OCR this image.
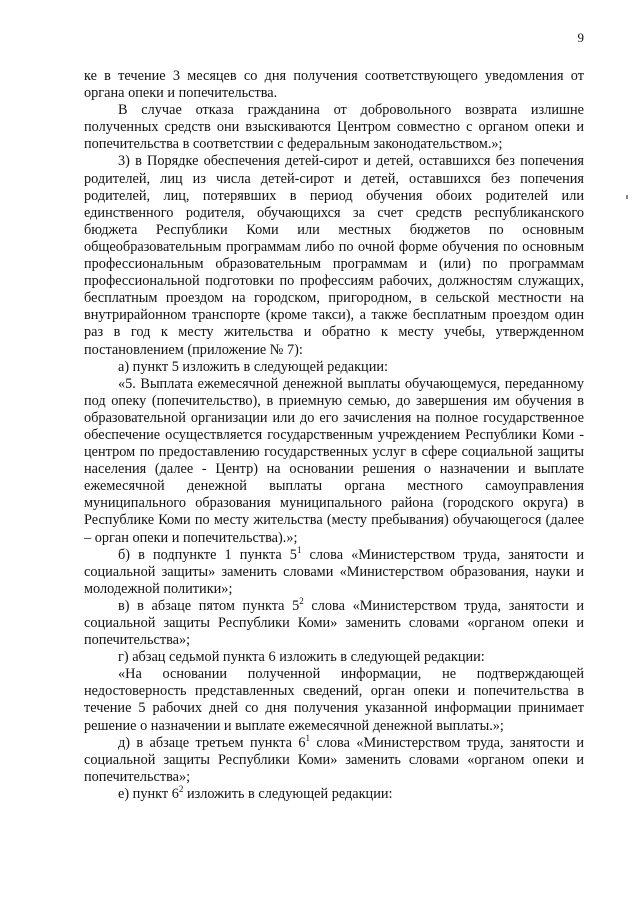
9

ке в течение 3 месяцев со дня получения соответствующего уведомления от органа опеки и попечительства.

В случае отказа гражданина от добровольного возврата излишне полученных средств они взыскиваются Центром совместно с органом опеки и попечительства в соответствии с федеральным законодательством.»;

3) в Порядке обеспечения детей-сирот и детей, оставшихся без попечения родителей, лиц из числа детей-сирот и детей, оставшихся без попечения родителей, лиц, потерявших в период обучения обоих родителей или единственного родителя, обучающихся за счет средств республиканского бюджета Республики Коми или местных бюджетов по основным общеобразовательным программам либо по очной форме обучения по основным профессиональным образовательным программам и (или) по программам профессиональной подготовки по профессиям рабочих, должностям служащих, бесплатным проездом на городском, пригородном, в сельской местности на внутрирайонном транспорте (кроме такси), а также бесплатным проездом один раз в год к месту жительства и обратно к месту учебы, утвержденном постановлением (приложение № 7):

а) пункт 5 изложить в следующей редакции:

«5. Выплата ежемесячной денежной выплаты обучающемуся, переданному под опеку (попечительство), в приемную семью, до завершения им обучения в образовательной организации или до его зачисления на полное государственное обеспечение осуществляется государственным учреждением Республики Коми - центром по предоставлению государственных услуг в сфере социальной защиты населения (далее - Центр) на основании решения о назначении и выплате ежемесячной денежной выплаты органа местного самоуправления муниципального образования муниципального района (городского округа) в Республике Коми по месту жительства (месту пребывания) обучающегося (далее – орган опеки и попечительства).»;

б) в подпункте 1 пункта $5^1$ слова «Министерством труда, занятости и социальной защиты» заменить словами «Министерством образования, науки и молодежной политики»;

в) в абзаце пятом пункта $5^2$ слова «Министерством труда, занятости и социальной защиты Республики Коми» заменить словами «органом опеки и попечительства»;

г) абзац седьмой пункта 6 изложить в следующей редакции:

«На основании полученной информации, не подтверждающей недостоверность представленных сведений, орган опеки и попечительства в течение 5 рабочих дней со дня получения указанной информации принимает решение о назначении и выплате ежемесячной денежной выплаты.»;

д) в абзаце третьем пункта $6^1$ слова «Министерством труда, занятости и социальной защиты Республики Коми» заменить словами «органом опеки и попечительства»;

е) пункт $6^2$ изложить в следующей редакции:
